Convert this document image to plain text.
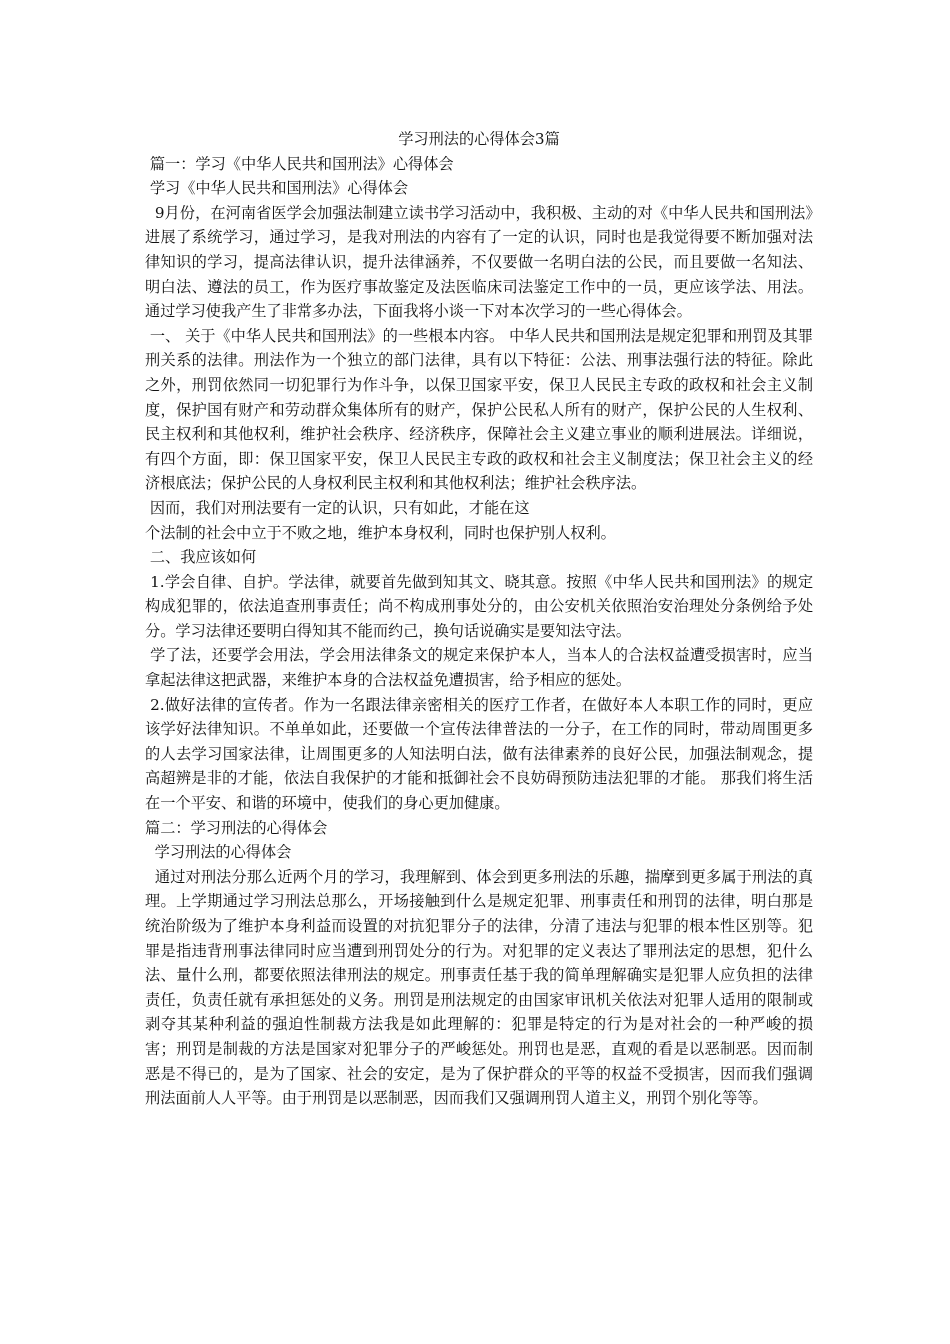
学习刑法的心得体会3篇

篇一：学习《中华人民共和国刑法》心得体会

学习《中华人民共和国刑法》心得体会

9月份，在河南省医学会加强法制建立读书学习活动中，我积极、主动的对《中华人民共和国刑法》进展了系统学习，通过学习，是我对刑法的内容有了一定的认识，同时也是我觉得要不断加强对法律知识的学习，提高法律认识，提升法律涵养，不仅要做一名明白法的公民，而且要做一名知法、明白法、遵法的员工，作为医疗事故鉴定及法医临床司法鉴定工作中的一员，更应该学法、用法。通过学习使我产生了非常多办法，下面我将小谈一下对本次学习的一些心得体会。

一、 关于《中华人民共和国刑法》的一些根本内容。 中华人民共和国刑法是规定犯罪和刑罚及其罪刑关系的法律。刑法作为一个独立的部门法律，具有以下特征：公法、刑事法强行法的特征。除此之外，刑罚依然同一切犯罪行为作斗争，以保卫国家平安，保卫人民民主专政的政权和社会主义制度，保护国有财产和劳动群众集体所有的财产，保护公民私人所有的财产，保护公民的人生权利、民主权利和其他权利，维护社会秩序、经济秩序，保障社会主义建立事业的顺利进展法。详细说，有四个方面，即：保卫国家平安，保卫人民民主专政的政权和社会主义制度法；保卫社会主义的经济根底法；保护公民的人身权利民主权利和其他权利法；维护社会秩序法。

因而，我们对刑法要有一定的认识，只有如此，才能在这

个法制的社会中立于不败之地，维护本身权利，同时也保护别人权利。

二、我应该如何

1.学会自律、自护。学法律，就要首先做到知其文、晓其意。按照《中华人民共和国刑法》的规定构成犯罪的，依法追查刑事责任；尚不构成刑事处分的，由公安机关依照治安治理处分条例给予处分。学习法律还要明白得知其不能而约己，换句话说确实是要知法守法。

学了法，还要学会用法，学会用法律条文的规定来保护本人，当本人的合法权益遭受损害时，应当拿起法律这把武器，来维护本身的合法权益免遭损害，给予相应的惩处。

2.做好法律的宣传者。作为一名跟法律亲密相关的医疗工作者，在做好本人本职工作的同时，更应该学好法律知识。不单单如此，还要做一个宣传法律普法的一分子，在工作的同时，带动周围更多的人去学习国家法律，让周围更多的人知法明白法，做有法律素养的良好公民，加强法制观念，提高超辨是非的才能，依法自我保护的才能和抵御社会不良妨碍预防违法犯罪的才能。 那我们将生活在一个平安、和谐的环境中，使我们的身心更加健康。

篇二：学习刑法的心得体会

学习刑法的心得体会

通过对刑法分那么近两个月的学习，我理解到、体会到更多刑法的乐趣，揣摩到更多属于刑法的真理。上学期通过学习刑法总那么，开场接触到什么是规定犯罪、刑事责任和刑罚的法律，明白那是统治阶级为了维护本身利益而设置的对抗犯罪分子的法律，分清了违法与犯罪的根本性区别等。犯罪是指违背刑事法律同时应当遭到刑罚处分的行为。对犯罪的定义表达了罪刑法定的思想，犯什么法、量什么刑，都要依照法律刑法的规定。刑事责任基于我的简单理解确实是犯罪人应负担的法律责任，负责任就有承担惩处的义务。刑罚是刑法规定的由国家审讯机关依法对犯罪人适用的限制或剥夺其某种利益的强迫性制裁方法我是如此理解的：犯罪是特定的行为是对社会的一种严峻的损害；刑罚是制裁的方法是国家对犯罪分子的严峻惩处。刑罚也是恶，直观的看是以恶制恶。因而制恶是不得已的，是为了国家、社会的安定，是为了保护群众的平等的权益不受损害，因而我们强调刑法面前人人平等。由于刑罚是以恶制恶，因而我们又强调刑罚人道主义，刑罚个别化等等。
